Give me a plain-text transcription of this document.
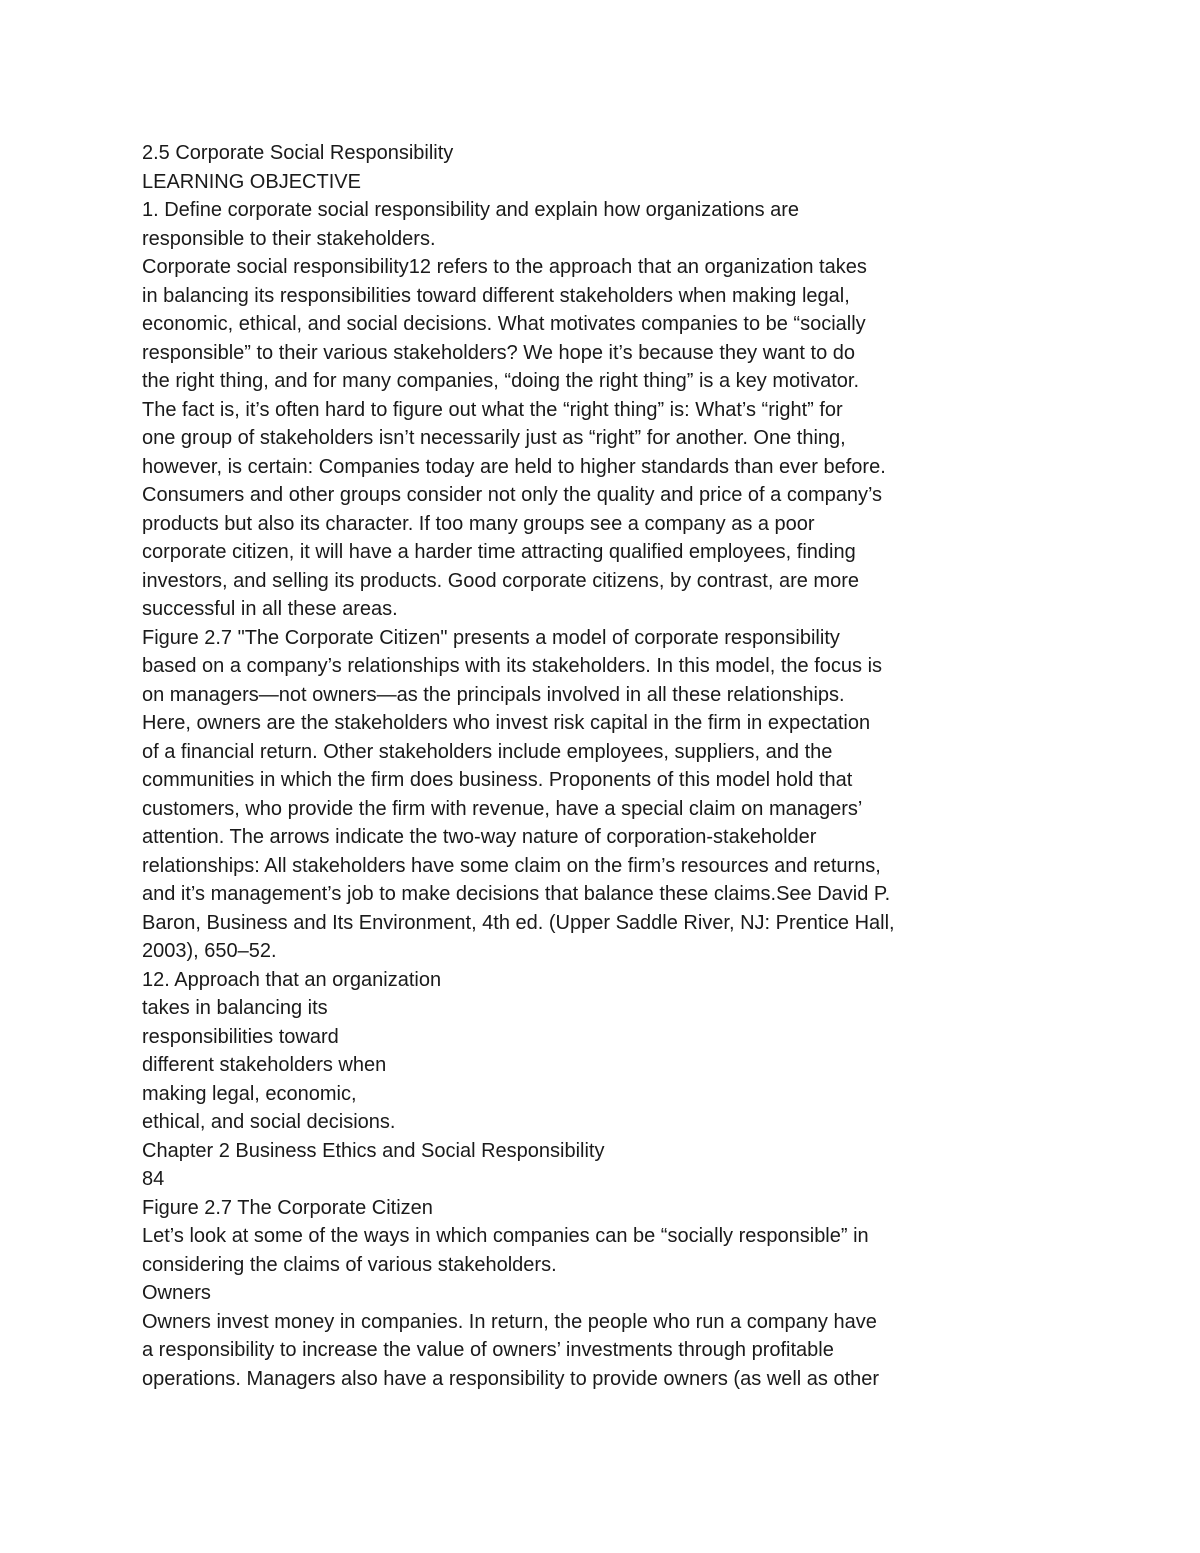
2.5 Corporate Social Responsibility
LEARNING OBJECTIVE
1. Define corporate social responsibility and explain how organizations are
responsible to their stakeholders.
Corporate social responsibility12 refers to the approach that an organization takes
in balancing its responsibilities toward different stakeholders when making legal,
economic, ethical, and social decisions. What motivates companies to be “socially
responsible” to their various stakeholders? We hope it’s because they want to do
the right thing, and for many companies, “doing the right thing” is a key motivator.
The fact is, it’s often hard to figure out what the “right thing” is: What’s “right” for
one group of stakeholders isn’t necessarily just as “right” for another. One thing,
however, is certain: Companies today are held to higher standards than ever before.
Consumers and other groups consider not only the quality and price of a company’s
products but also its character. If too many groups see a company as a poor
corporate citizen, it will have a harder time attracting qualified employees, finding
investors, and selling its products. Good corporate citizens, by contrast, are more
successful in all these areas.
Figure 2.7 "The Corporate Citizen" presents a model of corporate responsibility
based on a company’s relationships with its stakeholders. In this model, the focus is
on managers—not owners—as the principals involved in all these relationships.
Here, owners are the stakeholders who invest risk capital in the firm in expectation
of a financial return. Other stakeholders include employees, suppliers, and the
communities in which the firm does business. Proponents of this model hold that
customers, who provide the firm with revenue, have a special claim on managers’
attention. The arrows indicate the two-way nature of corporation-stakeholder
relationships: All stakeholders have some claim on the firm’s resources and returns,
and it’s management’s job to make decisions that balance these claims.See David P.
Baron, Business and Its Environment, 4th ed. (Upper Saddle River, NJ: Prentice Hall,
2003), 650–52.
12. Approach that an organization
takes in balancing its
responsibilities toward
different stakeholders when
making legal, economic,
ethical, and social decisions.
Chapter 2 Business Ethics and Social Responsibility
84
Figure 2.7 The Corporate Citizen
Let’s look at some of the ways in which companies can be “socially responsible” in
considering the claims of various stakeholders.
Owners
Owners invest money in companies. In return, the people who run a company have
a responsibility to increase the value of owners’ investments through profitable
operations. Managers also have a responsibility to provide owners (as well as other
